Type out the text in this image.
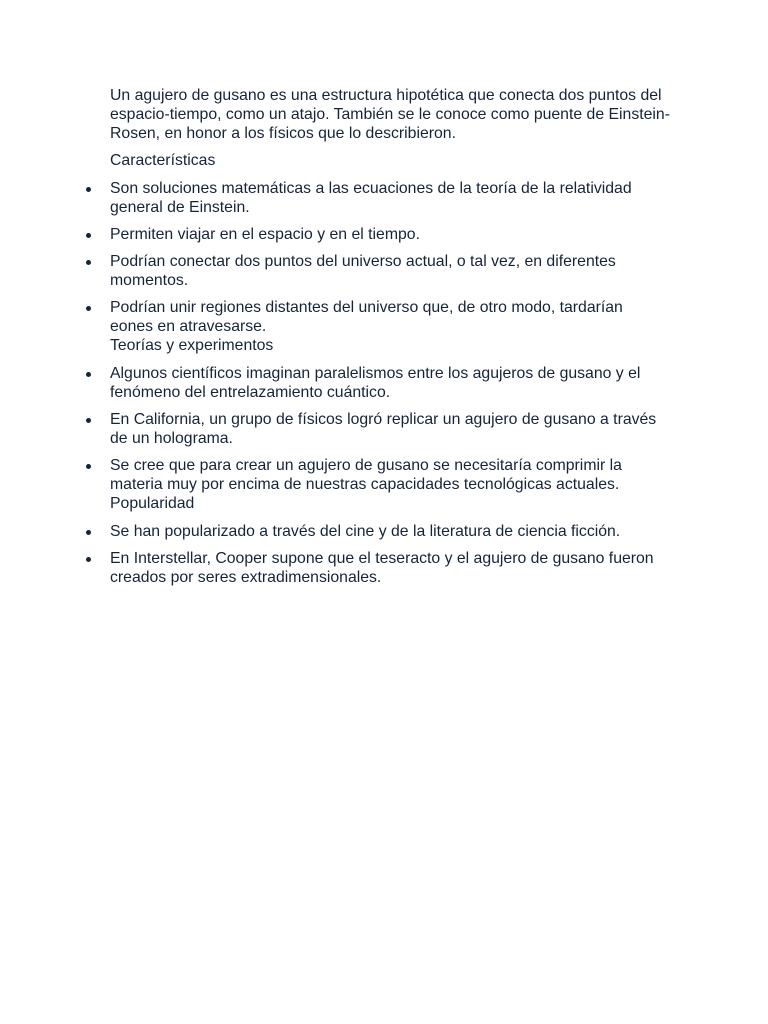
Un agujero de gusano es una estructura hipotética que conecta dos puntos del espacio-tiempo, como un atajo. También se le conoce como puente de Einstein-Rosen, en honor a los físicos que lo describieron.

Características
Son soluciones matemáticas a las ecuaciones de la teoría de la relatividad general de Einstein.
Permiten viajar en el espacio y en el tiempo.
Podrían conectar dos puntos del universo actual, o tal vez, en diferentes momentos.
Podrían unir regiones distantes del universo que, de otro modo, tardarían eones en atravesarse.
Teorías y experimentos
Algunos científicos imaginan paralelismos entre los agujeros de gusano y el fenómeno del entrelazamiento cuántico.
En California, un grupo de físicos logró replicar un agujero de gusano a través de un holograma.
Se cree que para crear un agujero de gusano se necesitaría comprimir la materia muy por encima de nuestras capacidades tecnológicas actuales.
Popularidad
Se han popularizado a través del cine y de la literatura de ciencia ficción.
En Interstellar, Cooper supone que el teseracto y el agujero de gusano fueron creados por seres extradimensionales.
